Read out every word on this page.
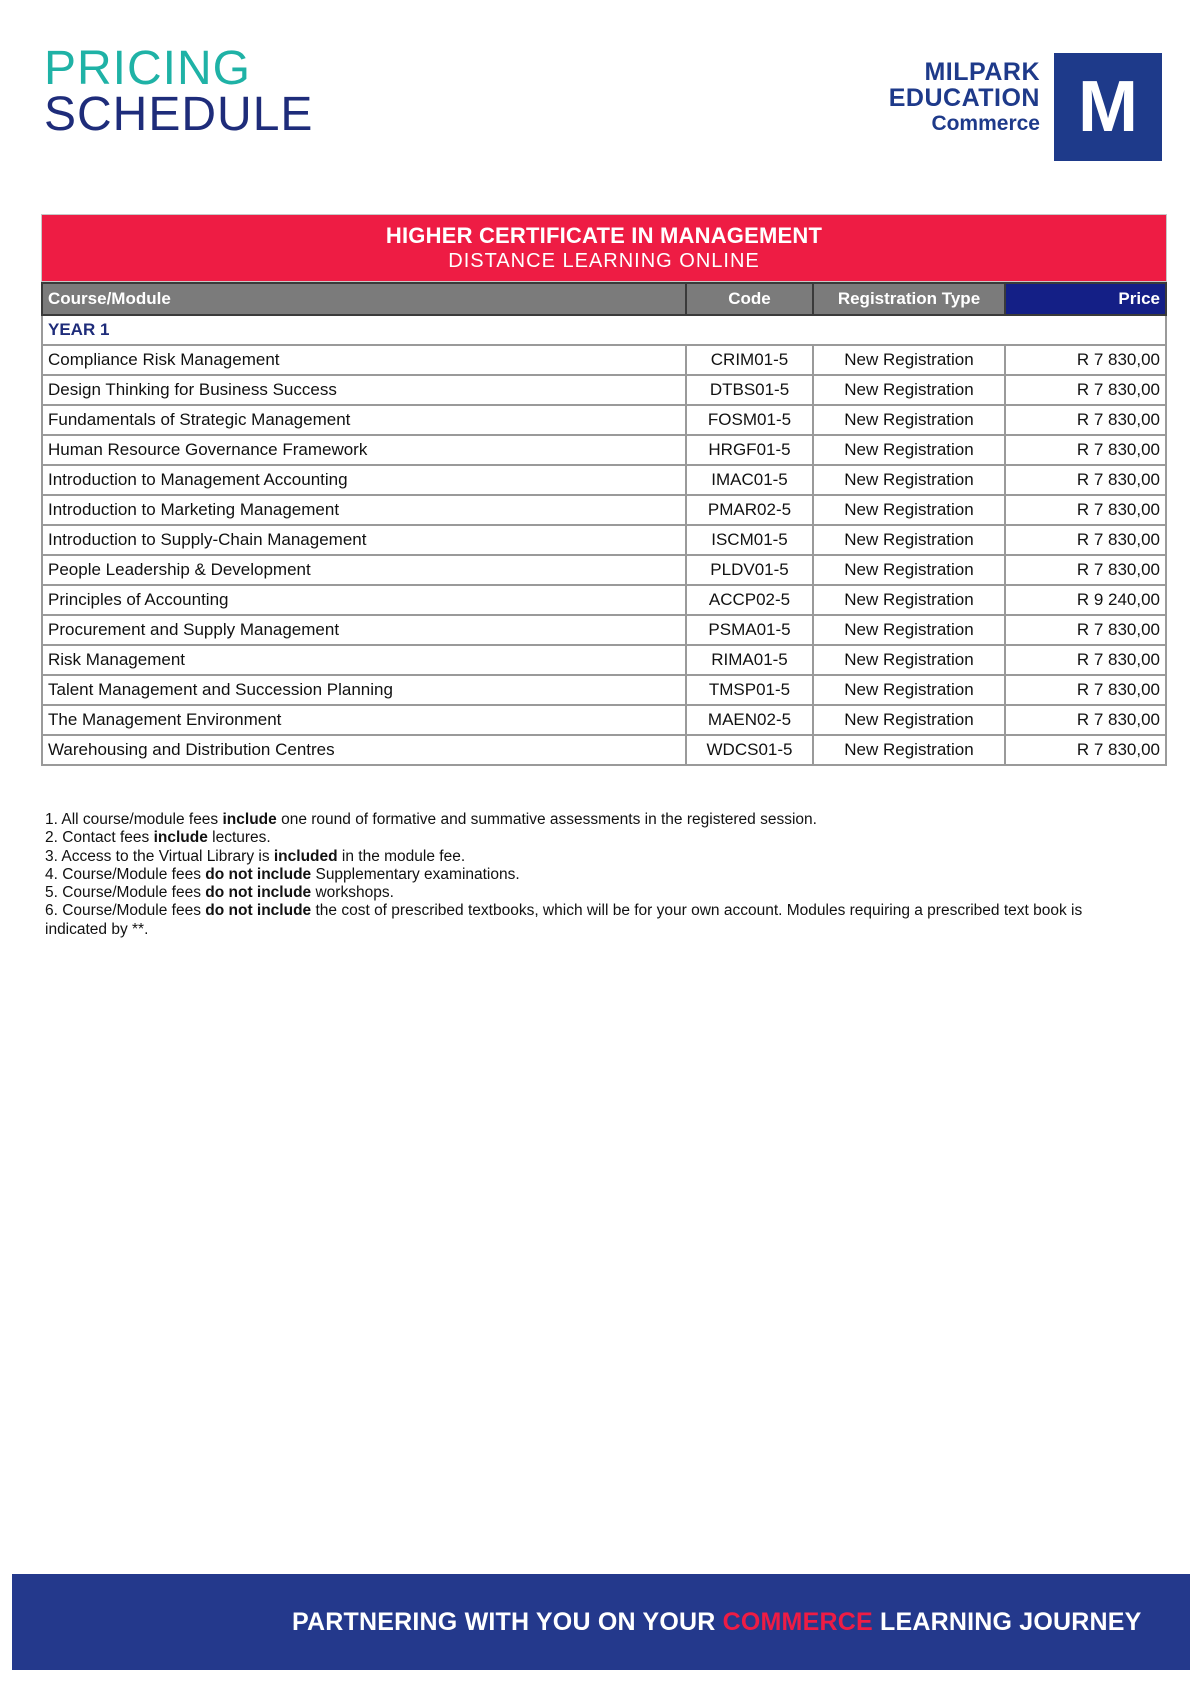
PRICING
SCHEDULE
MILPARK
EDUCATION
Commerce M
HIGHER CERTIFICATE IN MANAGEMENT
DISTANCE LEARNING ONLINE
Course/Module	Code	Registration Type	Price
YEAR 1			
Compliance Risk Management	CRIM01-5	New Registration	R 7 830,00
Design Thinking for Business Success	DTBS01-5	New Registration	R 7 830,00
Fundamentals of Strategic Management	FOSM01-5	New Registration	R 7 830,00
Human Resource Governance Framework	HRGF01-5	New Registration	R 7 830,00
Introduction to Management Accounting	IMAC01-5	New Registration	R 7 830,00
Introduction to Marketing Management	PMAR02-5	New Registration	R 7 830,00
Introduction to Supply-Chain Management	ISCM01-5	New Registration	R 7 830,00
People Leadership & Development	PLDV01-5	New Registration	R 7 830,00
Principles of Accounting	ACCP02-5	New Registration	R 9 240,00
Procurement and Supply Management	PSMA01-5	New Registration	R 7 830,00
Risk Management	RIMA01-5	New Registration	R 7 830,00
Talent Management and Succession Planning	TMSP01-5	New Registration	R 7 830,00
The Management Environment	MAEN02-5	New Registration	R 7 830,00
Warehousing and Distribution Centres	WDCS01-5	New Registration	R 7 830,00
1. All course/module fees include one round of formative and summative assessments in the registered session.
2. Contact fees include lectures.
3. Access to the Virtual Library is included in the module fee.
4. Course/Module fees do not include Supplementary examinations.
5. Course/Module fees do not include workshops.
6. Course/Module fees do not include the cost of prescribed textbooks, which will be for your own account. Modules requiring a prescribed text book is indicated by **.
PARTNERING WITH YOU ON YOUR COMMERCE LEARNING JOURNEY
